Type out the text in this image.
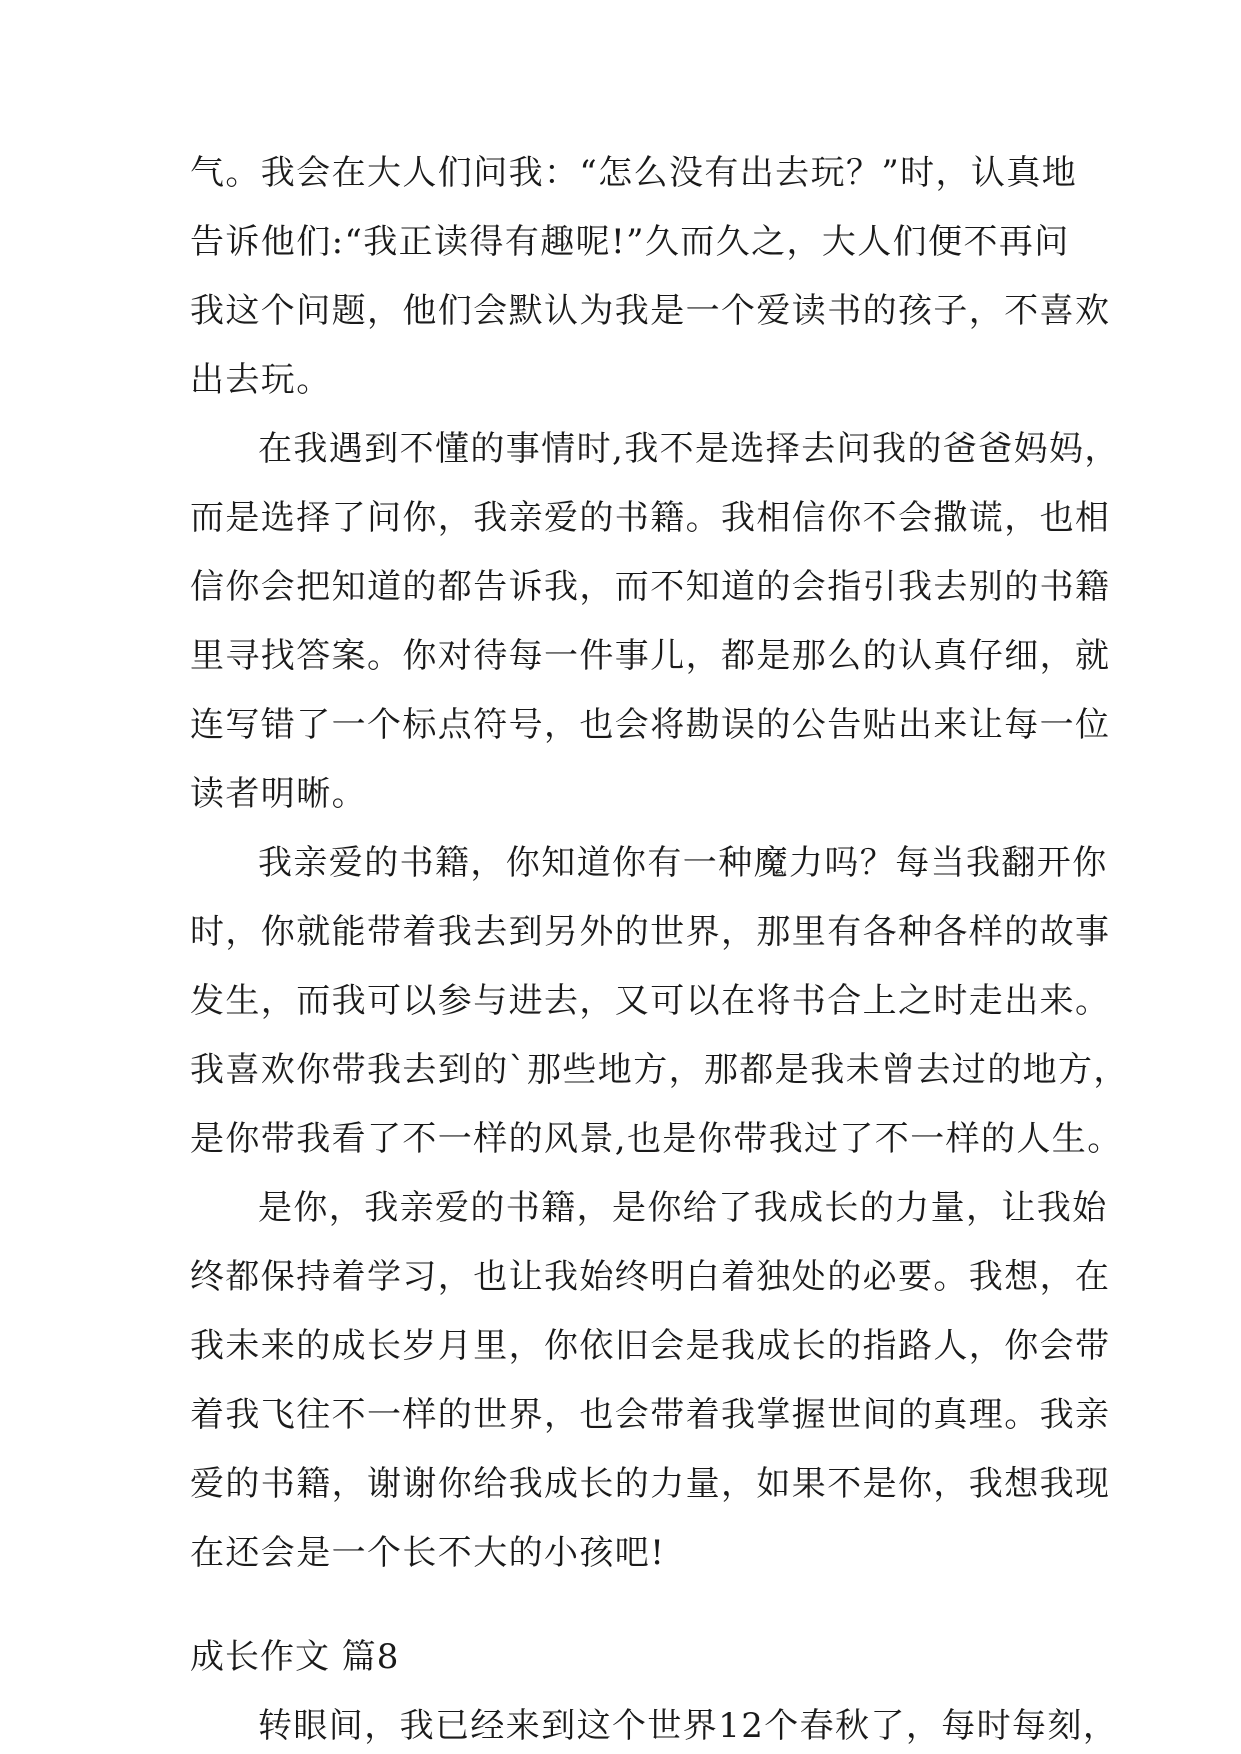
气。我会在大人们问我：“怎么没有出去玩？”时，认真地
告诉他们:“我正读得有趣呢!”久而久之，大人们便不再问
我这个问题，他们会默认为我是一个爱读书的孩子，不喜欢
出去玩。
在我遇到不懂的事情时,我不是选择去问我的爸爸妈妈，
而是选择了问你，我亲爱的书籍。我相信你不会撒谎，也相
信你会把知道的都告诉我，而不知道的会指引我去别的书籍
里寻找答案。你对待每一件事儿，都是那么的认真仔细，就
连写错了一个标点符号，也会将勘误的公告贴出来让每一位
读者明晰。
我亲爱的书籍，你知道你有一种魔力吗？每当我翻开你
时，你就能带着我去到另外的世界，那里有各种各样的故事
发生，而我可以参与进去，又可以在将书合上之时走出来。
我喜欢你带我去到的`那些地方，那都是我未曾去过的地方，
是你带我看了不一样的风景,也是你带我过了不一样的人生。
是你，我亲爱的书籍，是你给了我成长的力量，让我始
终都保持着学习，也让我始终明白着独处的必要。我想，在
我未来的成长岁月里，你依旧会是我成长的指路人，你会带
着我飞往不一样的世界，也会带着我掌握世间的真理。我亲
爱的书籍，谢谢你给我成长的力量，如果不是你，我想我现
在还会是一个长不大的小孩吧!
成长作文 篇8
转眼间，我已经来到这个世界12个春秋了，每时每刻，
